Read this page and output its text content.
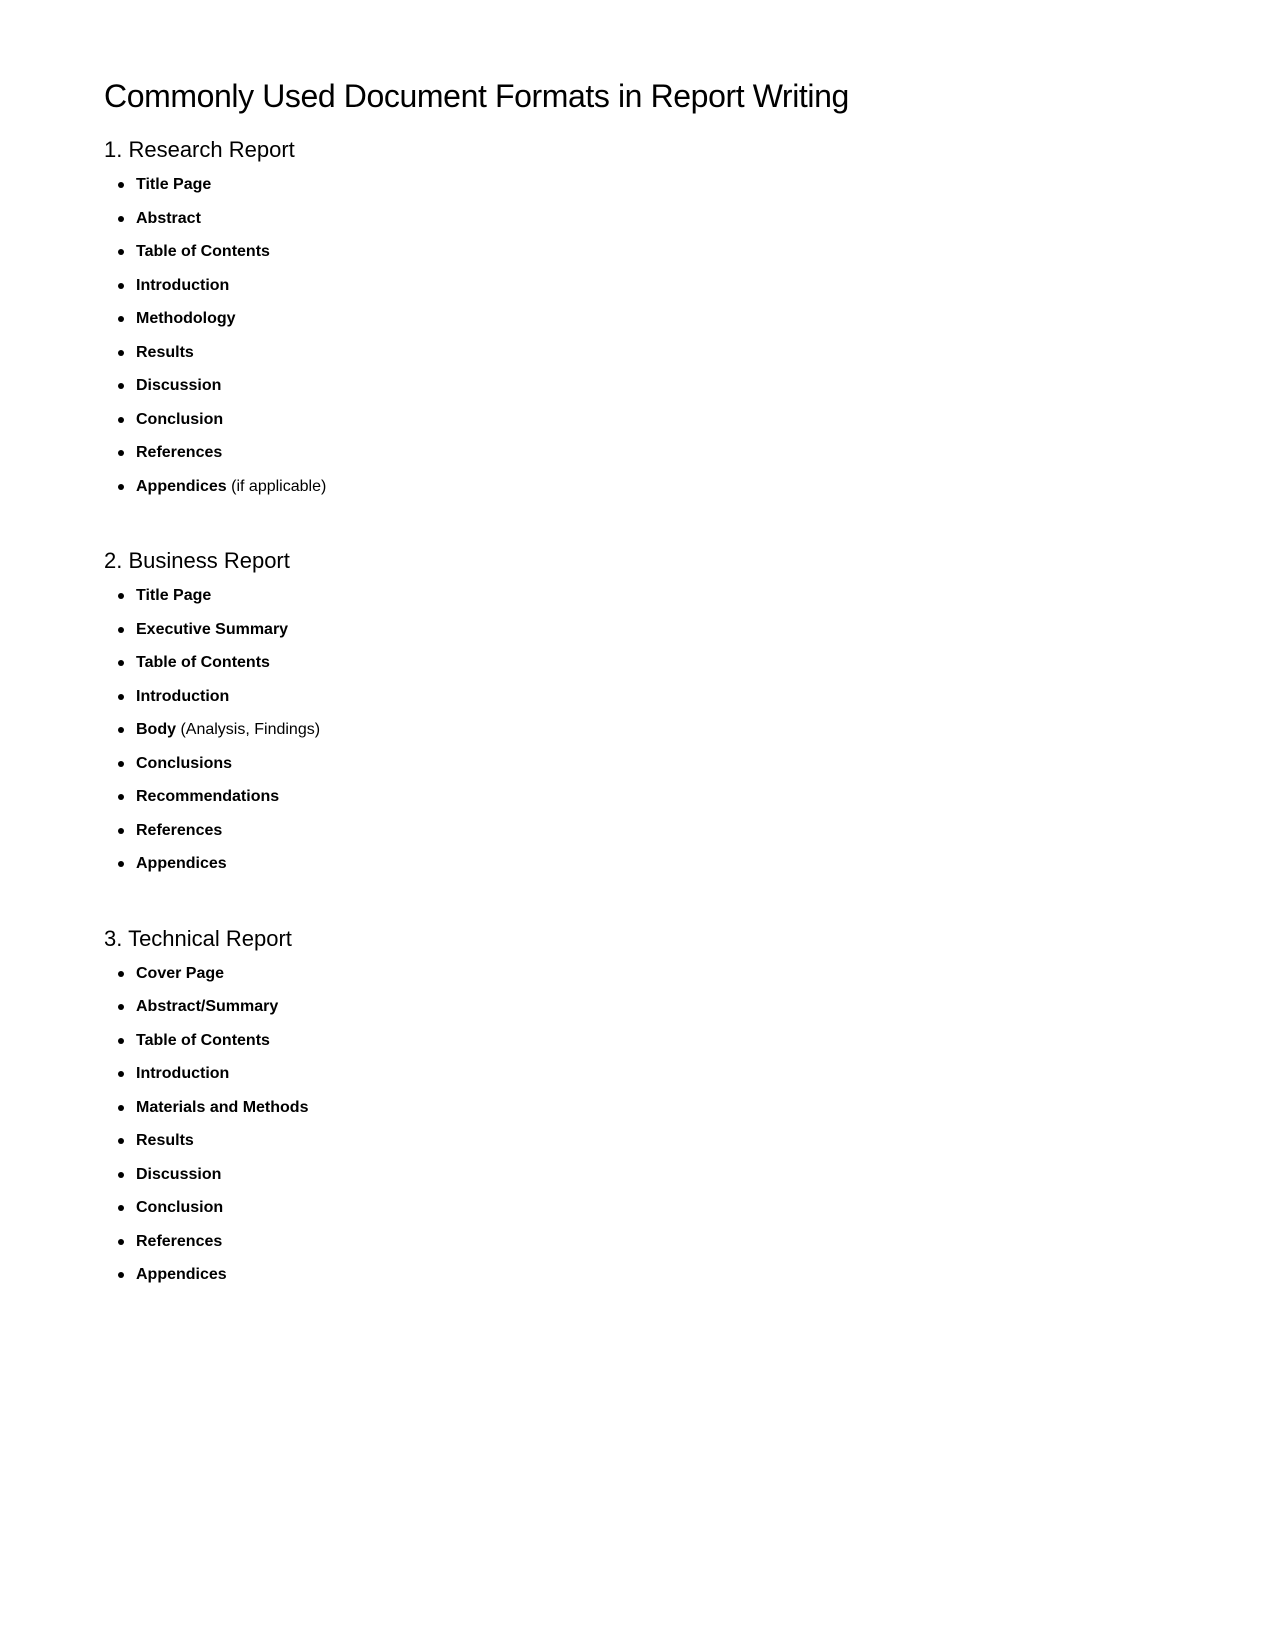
Commonly Used Document Formats in Report Writing
1. Research Report
Title Page
Abstract
Table of Contents
Introduction
Methodology
Results
Discussion
Conclusion
References
Appendices (if applicable)
2. Business Report
Title Page
Executive Summary
Table of Contents
Introduction
Body (Analysis, Findings)
Conclusions
Recommendations
References
Appendices
3. Technical Report
Cover Page
Abstract/Summary
Table of Contents
Introduction
Materials and Methods
Results
Discussion
Conclusion
References
Appendices
